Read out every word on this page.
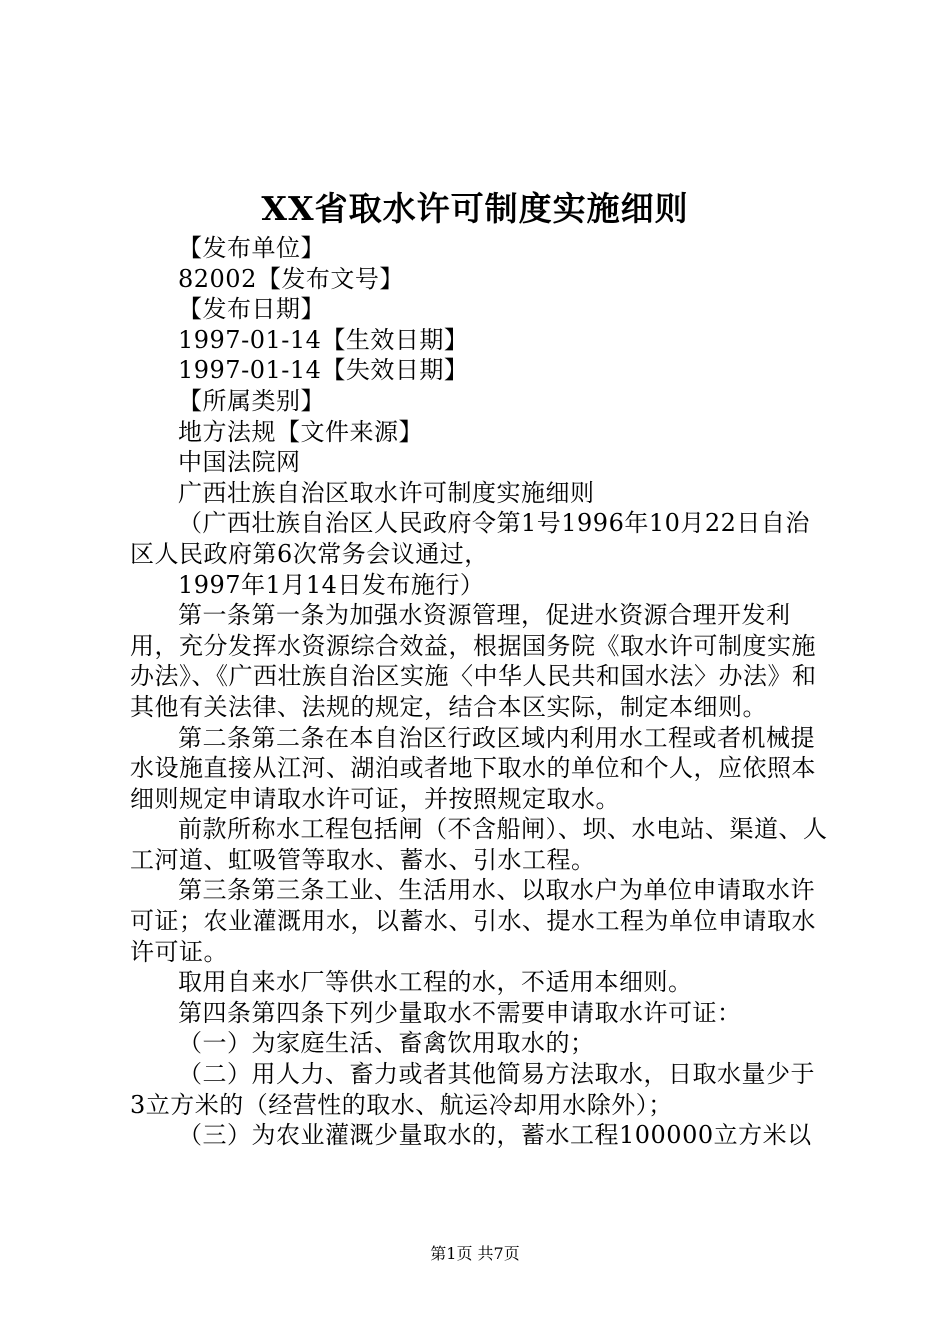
XX省取水许可制度实施细则

【发布单位】

82002【发布文号】

【发布日期】

1997-01-14【生效日期】

1997-01-14【失效日期】

【所属类别】

地方法规【文件来源】

中国法院网

广西壮族自治区取水许可制度实施细则

（广西壮族自治区人民政府令第1号1996年10月22日自治区人民政府第6次常务会议通过，

1997年1月14日发布施行）

第一条第一条为加强水资源管理，促进水资源合理开发利用，充分发挥水资源综合效益，根据国务院《取水许可制度实施办法》、《广西壮族自治区实施〈中华人民共和国水法〉办法》和其他有关法律、法规的规定，结合本区实际，制定本细则。

第二条第二条在本自治区行政区域内利用水工程或者机械提水设施直接从江河、湖泊或者地下取水的单位和个人，应依照本细则规定申请取水许可证，并按照规定取水。

前款所称水工程包括闸（不含船闸）、坝、水电站、渠道、人工河道、虹吸管等取水、蓄水、引水工程。

第三条第三条工业、生活用水、以取水户为单位申请取水许可证；农业灌溉用水，以蓄水、引水、提水工程为单位申请取水许可证。

取用自来水厂等供水工程的水，不适用本细则。

第四条第四条下列少量取水不需要申请取水许可证：

（一）为家庭生活、畜禽饮用取水的；

（二）用人力、畜力或者其他简易方法取水，日取水量少于3立方米的（经营性的取水、航运冷却用水除外）；

（三）为农业灌溉少量取水的，蓄水工程100000立方米以

第1页 共7页
